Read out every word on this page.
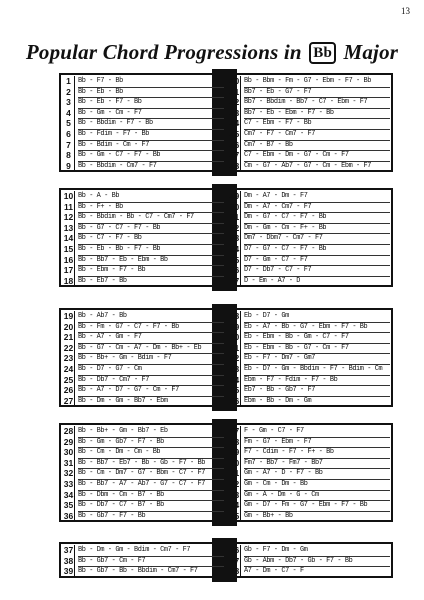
13
Popular Chord Progressions in Bb Major
1	Bb - F7 - Bb
2	Bb - Eb - Bb
3	Bb - Eb - F7 - Bb
4	Bb - Gm - Cm - F7
5	Bb - Bbdim - F7 - Bb
6	Bb - Fdim - F7 - Bb
7	Bb - Bdim - Cm - F7
8	Bb - Gm - C7 - F7 - Bb
9	Bb - Bbdim - Cm7 - F7
40 Bb - Bbm - Fm - G7 - Ebm - F7 - Bb
41 Bb7 - Eb - G7 - F7
42 Bb7 - Bbdim - Bb7 - C7 - Ebm - F7
43 Bb7 - Eb - Ebm - F7 - Bb
44 C7 - Ebm - F7 - Bb
45 Cm7 - F7 - Cm7 - F7
46 Cm7 - B7 - Bb
47 C7 - Ebm - Dm - G7 - Cm - F7
48 Cm - G7 - Ab7 - G7 - Cm - Ebm - F7
10 Bb - A - Bb
11 Bb - F+ - Bb
12 Bb - Bbdim - Bb - C7 - Cm7 - F7
13 Bb - G7 - C7 - F7 - Bb
14 Bb - C7 - F7 - Bb
15 Bb - Eb - Bb - F7 - Bb
16 Bb - Bb7 - Eb - Ebm - Bb
17 Bb - Ebm - F7 - Bb
18 Bb - Eb7 - Bb
49 Dm - A7 - Dm - F7
50 Dm - A7 - Cm7 - F7
51 Dm - G7 - C7 - F7 - Bb
52 Dm - Gm - Cm - F+ - Bb
53 Dm7 - Dbm7 - Cm7 - F7
54 D7 - G7 - C7 - F7 - Bb
55 D7 - Gm - C7 - F7
56 D7 - Db7 - C7 - F7
57 D - Em - A7 - D
19 Bb - Ab7 - Bb
20 Bb - Fm - G7 - C7 - F7 - Bb
21 Bb - A7 - Gm - F7
22 Bb - G7 - Cm - A7 - Dm - Bb+ - Eb
23 Bb - Bb+ - Gm - Bdim - F7
24 Bb - D7 - G7 - Cm
25 Bb - Db7 - Cm7 - F7
26 Bb - A7 - D7 - G7 - Cm - F7
27 Bb - Dm - Gm - Bb7 - Ebm
58 Eb - D7 - Gm
59 Eb - A7 - Bb - G7 - Ebm - F7 - Bb
60 Eb - Ebm - Bb - Gm - C7 - F7
61 Eb - Ebm - Bb - G7 - Cm - F7
62 Eb - F7 - Dm7 - Gm7
63 Eb - D7 - Gm - Bbdim - F7 - Bdim - Cm
64 Ebm - F7 - Fdim - F7 - Bb
65 Eb7 - Bb - Gb7 - F7
66 Ebm - Bb - Dm - Gm
28 Bb - Bb+ - Gm - Bb7 - Eb
29 Bb - Gm - Gb7 - F7 - Bb
30 Bb - Cm - Dm - Cm - Bb
31 Bb - Bb7 - Eb7 - Bb - Gb - F7 - Bb
32 Bb - Cm - Dm7 - G7 - Bbm - C7 - F7
33 Bb - Bb7 - A7 - Ab7 - G7 - C7 - F7
34 Bb - Dbm - Cm - B7 - Bb
35 Bb - Db7 - C7 - B7 - Bb
36 Bb - Gb7 - F7 - Bb
67 F - Gm - C7 - F7
68 Fm - G7 - Ebm - F7
69 F7 - Cdim - F7 - F+ - Bb
70 Fm7 - Bb7 - Fm7 - Bb7
71 Gm - A7 - D - F7 - Bb
72 Gm - Cm - Dm - Bb
73 Gm - A - Dm - G - Cm
74 Gm - D7 - Fm - G7 - Ebm - F7 - Bb
75 Gm - Bb+ - Bb
37 Bb - Dm - Gm - Bdim - Cm7 - F7
38 Bb - Gb7 - Cm - F7
39 Bb - Gb7 - Bb - Bbdim - Cm7 - F7
76 Gb - F7 - Dm - Gm
77 Gb - Abm - Db7 - Gb - F7 - Bb
78 A7 - Dm - C7 - F
